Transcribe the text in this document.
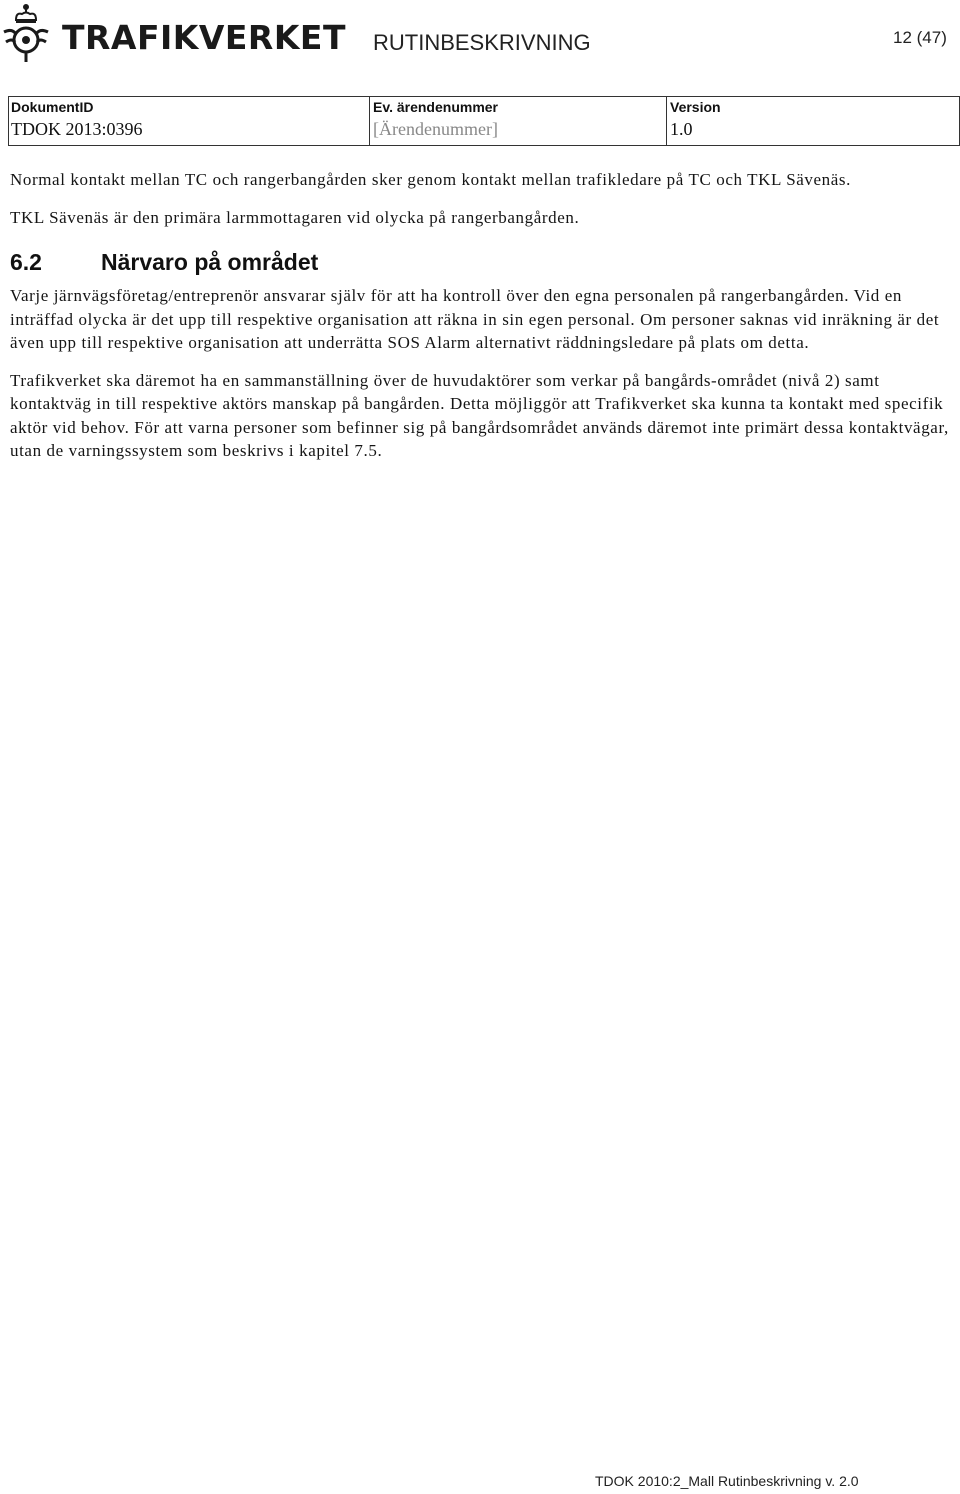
TRAFIKVERKET RUTINBESKRIVNING	12 (47)
DokumentID
TDOK 2013:0396
Ev. ärendenummer
[Ärendenummer]
Version
1.0

Normal kontakt mellan TC och rangerbangården sker genom kontakt mellan trafikledare på TC och TKL Sävenäs.

TKL Sävenäs är den primära larmmottagaren vid olycka på rangerbangården.

6.2	Närvaro på området

Varje järnvägsföretag/entreprenör ansvarar själv för att ha kontroll över den egna personalen på rangerbangården. Vid en inträffad olycka är det upp till respektive organisation att räkna in sin egen personal. Om personer saknas vid inräkning är det även upp till respektive organisation att underrätta SOS Alarm alternativt räddningsledare på plats om detta.

Trafikverket ska däremot ha en sammanställning över de huvudaktörer som verkar på bangårds-området (nivå 2) samt kontaktväg in till respektive aktörs manskap på bangården. Detta möjliggör att Trafikverket ska kunna ta kontakt med specifik aktör vid behov. För att varna personer som befinner sig på bangårdsområdet används däremot inte primärt dessa kontaktvägar, utan de varningssystem som beskrivs i kapitel 7.5.

TDOK 2010:2_Mall Rutinbeskrivning v. 2.0
